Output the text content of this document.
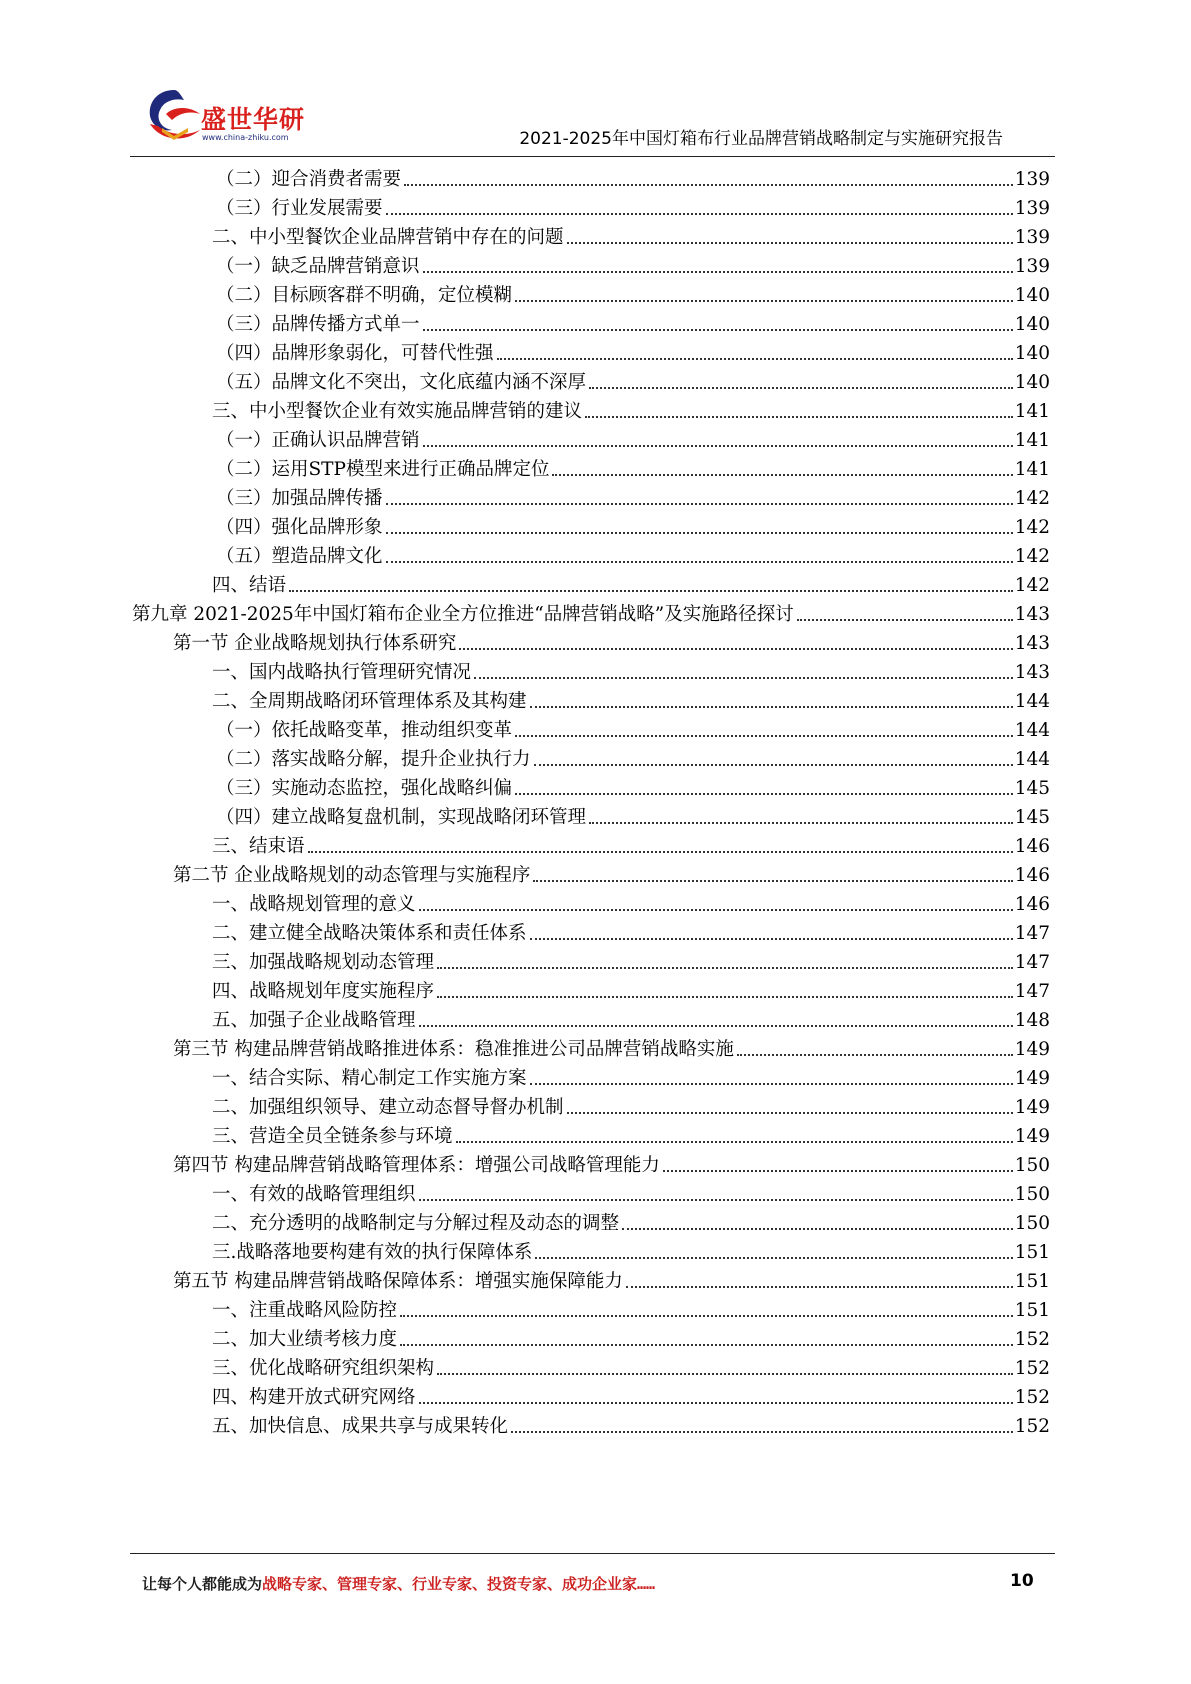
盛世华研
www.china-zhiku.com	2021-2025年中国灯箱布行业品牌营销战略制定与实施研究报告
（二）迎合消费者需要	139
（三）行业发展需要	139
二、中小型餐饮企业品牌营销中存在的问题	139
（一）缺乏品牌营销意识	139
（二）目标顾客群不明确，定位模糊	140
（三）品牌传播方式单一	140
（四）品牌形象弱化，可替代性强	140
（五）品牌文化不突出，文化底蕴内涵不深厚	140
三、中小型餐饮企业有效实施品牌营销的建议	141
（一）正确认识品牌营销	141
（二）运用STP模型来进行正确品牌定位	141
（三）加强品牌传播	142
（四）强化品牌形象	142
（五）塑造品牌文化	142
四、结语	142
第九章 2021-2025年中国灯箱布企业全方位推进“品牌营销战略”及实施路径探讨	143
第一节 企业战略规划执行体系研究	143
一、国内战略执行管理研究情况	143
二、全周期战略闭环管理体系及其构建	144
（一）依托战略变革，推动组织变革	144
（二）落实战略分解，提升企业执行力	144
（三）实施动态监控，强化战略纠偏	145
（四）建立战略复盘机制，实现战略闭环管理	145
三、结束语	146
第二节 企业战略规划的动态管理与实施程序	146
一、战略规划管理的意义	146
二、建立健全战略决策体系和责任体系	147
三、加强战略规划动态管理	147
四、战略规划年度实施程序	147
五、加强子企业战略管理	148
第三节 构建品牌营销战略推进体系：稳准推进公司品牌营销战略实施	149
一、结合实际、精心制定工作实施方案	149
二、加强组织领导、建立动态督导督办机制	149
三、营造全员全链条参与环境	149
第四节 构建品牌营销战略管理体系：增强公司战略管理能力	150
一、有效的战略管理组织	150
二、充分透明的战略制定与分解过程及动态的调整	150
三.战略落地要构建有效的执行保障体系	151
第五节 构建品牌营销战略保障体系：增强实施保障能力	151
一、注重战略风险防控	151
二、加大业绩考核力度	152
三、优化战略研究组织架构	152
四、构建开放式研究网络	152
五、加快信息、成果共享与成果转化	152
让每个人都能成为战略专家、管理专家、行业专家、投资专家、成功企业家……	10
